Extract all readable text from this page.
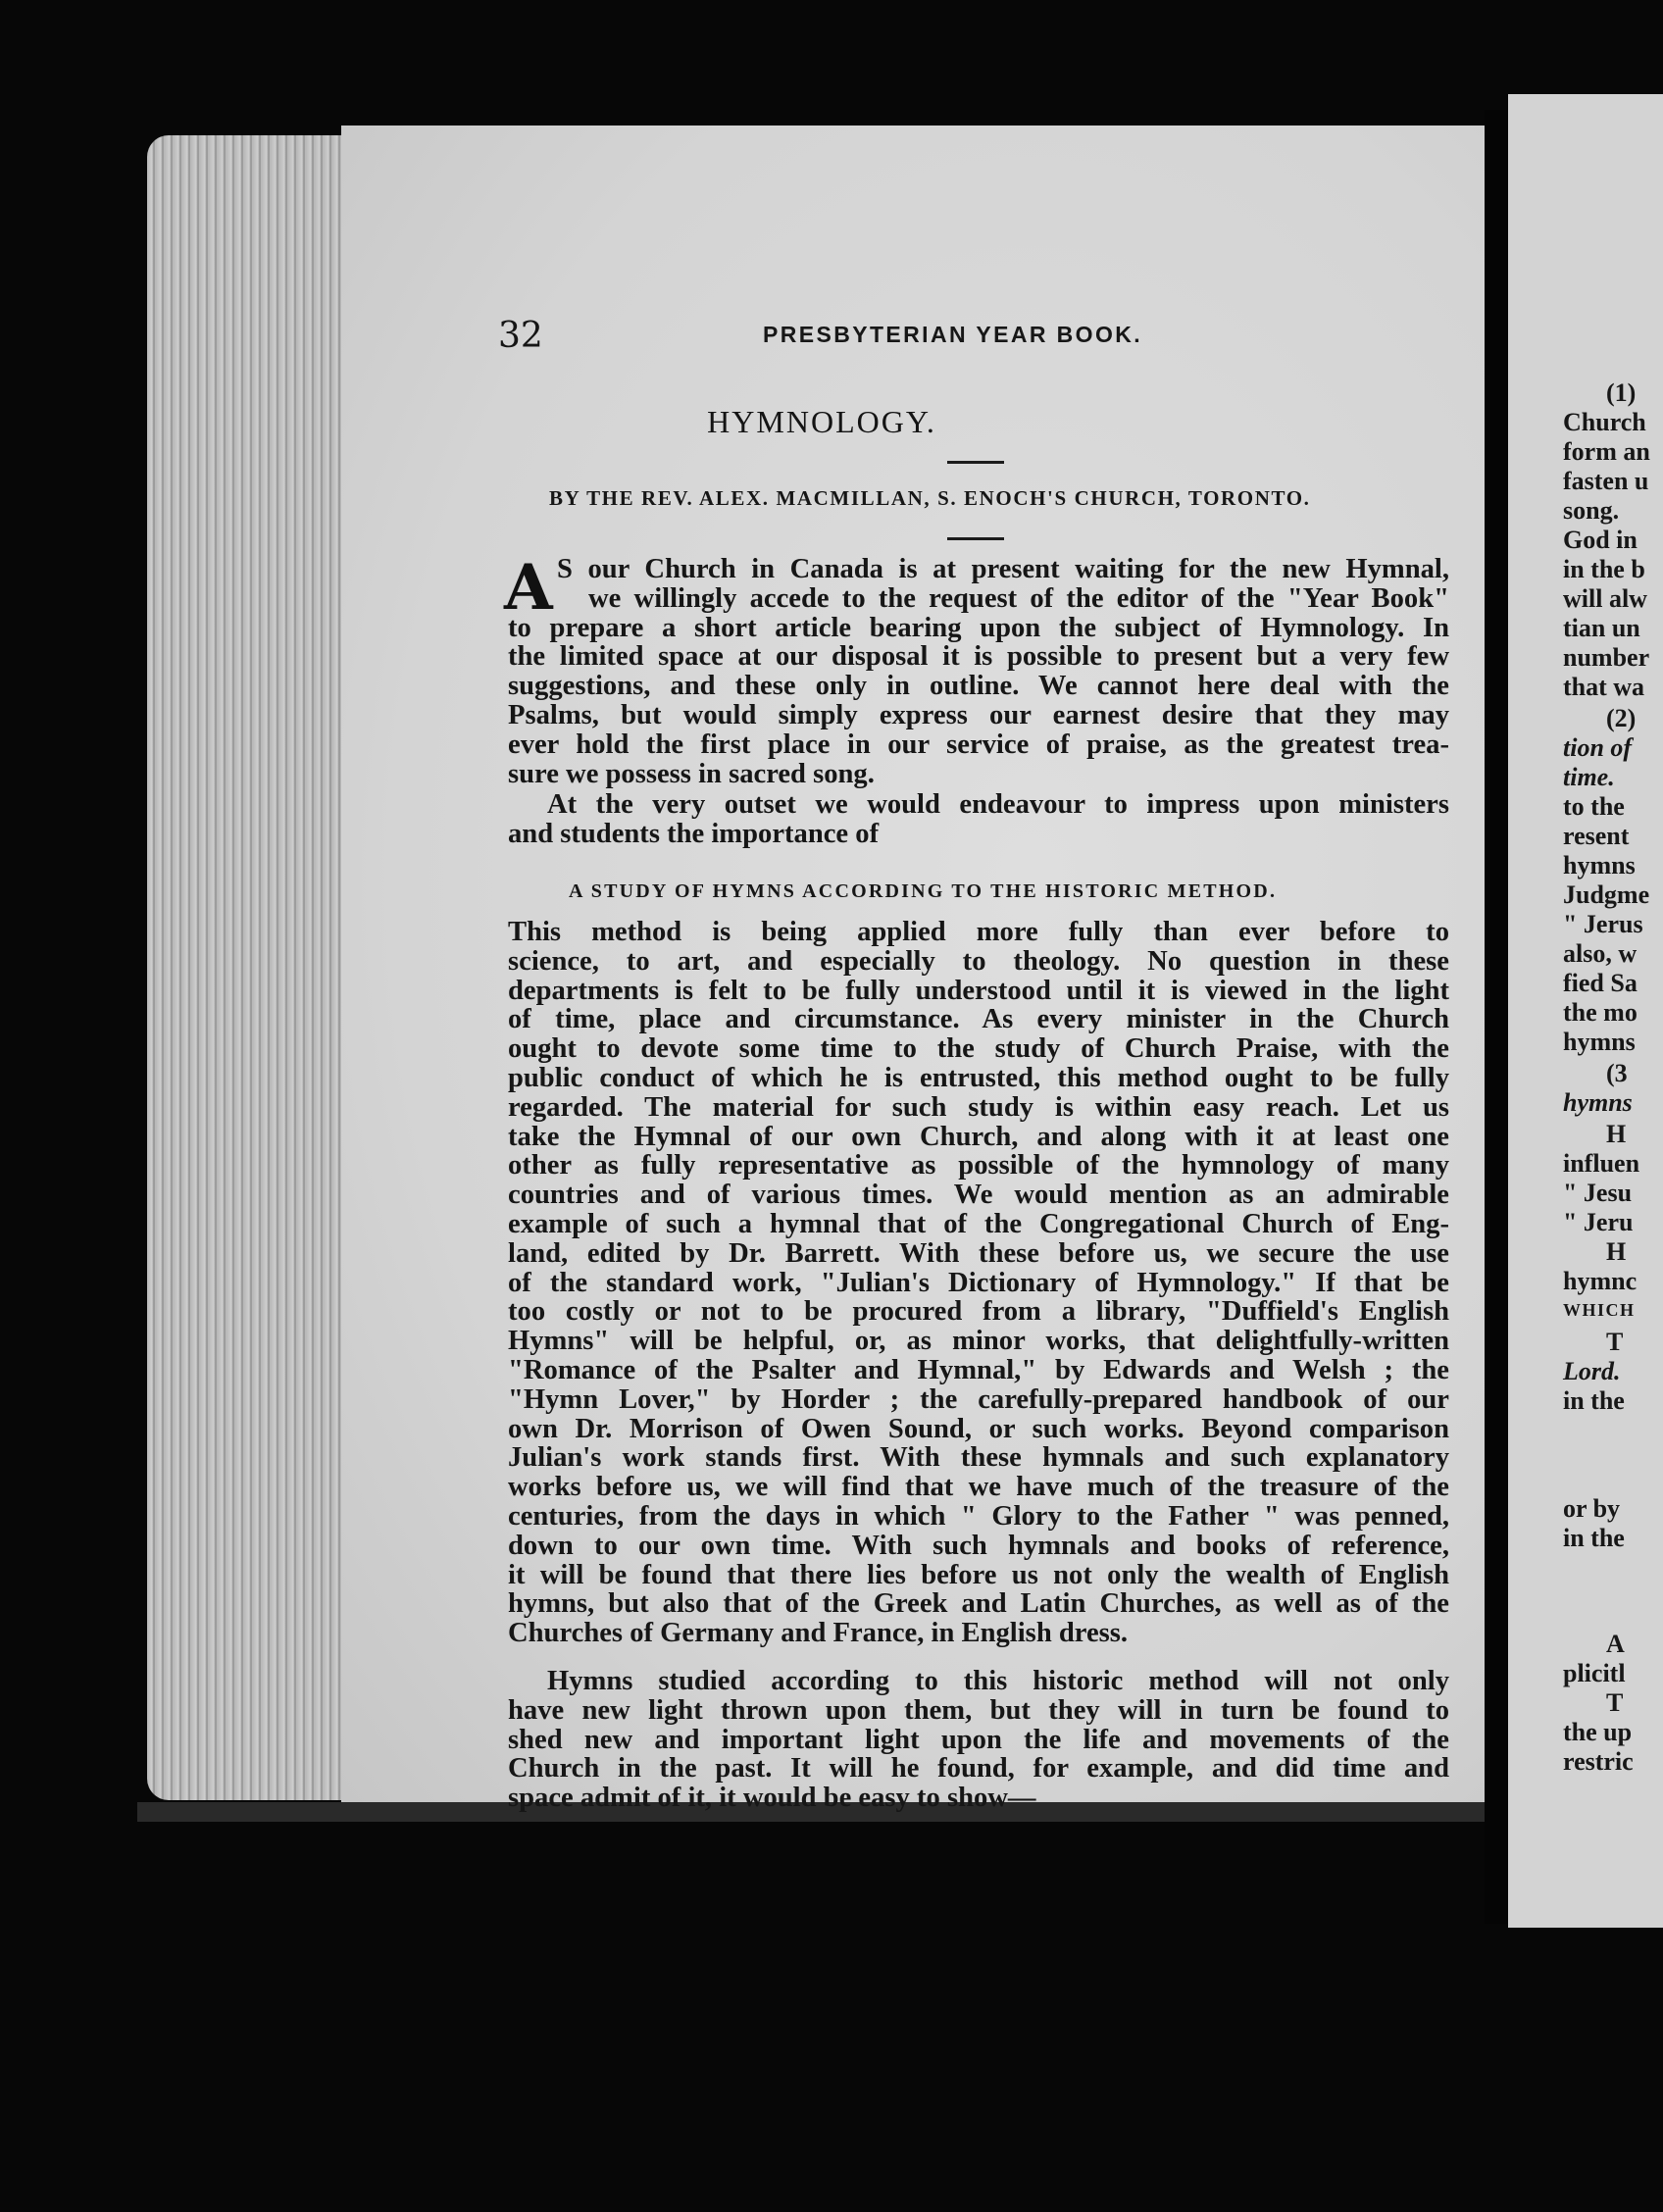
32	PRESBYTERIAN YEAR BOOK.
HYMNOLOGY.
BY THE REV. ALEX. MACMILLAN, S. ENOCH'S CHURCH, TORONTO.
A S our Church in Canada is at present waiting for the new Hymnal,
we willingly accede to the request of the editor of the "Year Book"
to prepare a short article bearing upon the subject of Hymnology. In
the limited space at our disposal it is possible to present but a very few
suggestions, and these only in outline. We cannot here deal with the
Psalms, but would simply express our earnest desire that they may
ever hold the first place in our service of praise, as the greatest trea-
sure we possess in sacred song.
At the very outset we would endeavour to impress upon ministers
and students the importance of
A STUDY OF HYMNS ACCORDING TO THE HISTORIC METHOD.
This method is being applied more fully than ever before to
science, to art, and especially to theology. No question in these
departments is felt to be fully understood until it is viewed in the light
of time, place and circumstance. As every minister in the Church
ought to devote some time to the study of Church Praise, with the
public conduct of which he is entrusted, this method ought to be fully
regarded. The material for such study is within easy reach. Let us
take the Hymnal of our own Church, and along with it at least one
other as fully representative as possible of the hymnology of many
countries and of various times. We would mention as an admirable
example of such a hymnal that of the Congregational Church of Eng-
land, edited by Dr. Barrett. With these before us, we secure the use
of the standard work, "Julian's Dictionary of Hymnology." If that be
too costly or not to be procured from a library, "Duffield's English
Hymns" will be helpful, or, as minor works, that delightfully-written
"Romance of the Psalter and Hymnal," by Edwards and Welsh ; the
"Hymn Lover," by Horder ; the carefully-prepared handbook of our
own Dr. Morrison of Owen Sound, or such works. Beyond comparison
Julian's work stands first. With these hymnals and such explanatory
works before us, we will find that we have much of the treasure of the
centuries, from the days in which " Glory to the Father " was penned,
down to our own time. With such hymnals and books of reference,
it will be found that there lies before us not only the wealth of English
hymns, but also that of the Greek and Latin Churches, as well as of the
Churches of Germany and France, in English dress.
Hymns studied according to this historic method will not only
have new light thrown upon them, but they will in turn be found to
shed new and important light upon the life and movements of the
Church in the past. It will he found, for example, and did time and
space admit of it, it would be easy to show—
(1)
Church
form an
fasten u
song.
God in
in the b
will alw
tian un
number
that wa
(2)
tion of
time.
to the
resent
hymns
Judgme
" Jerus
also, w
fied Sa
the mo
hymns
(3
hymns
H
influen
" Jesu
" Jeru
H
hymnc
WHICH
T
Lord.
in the
or by
in the
A
plicitl
T
the up
restric
